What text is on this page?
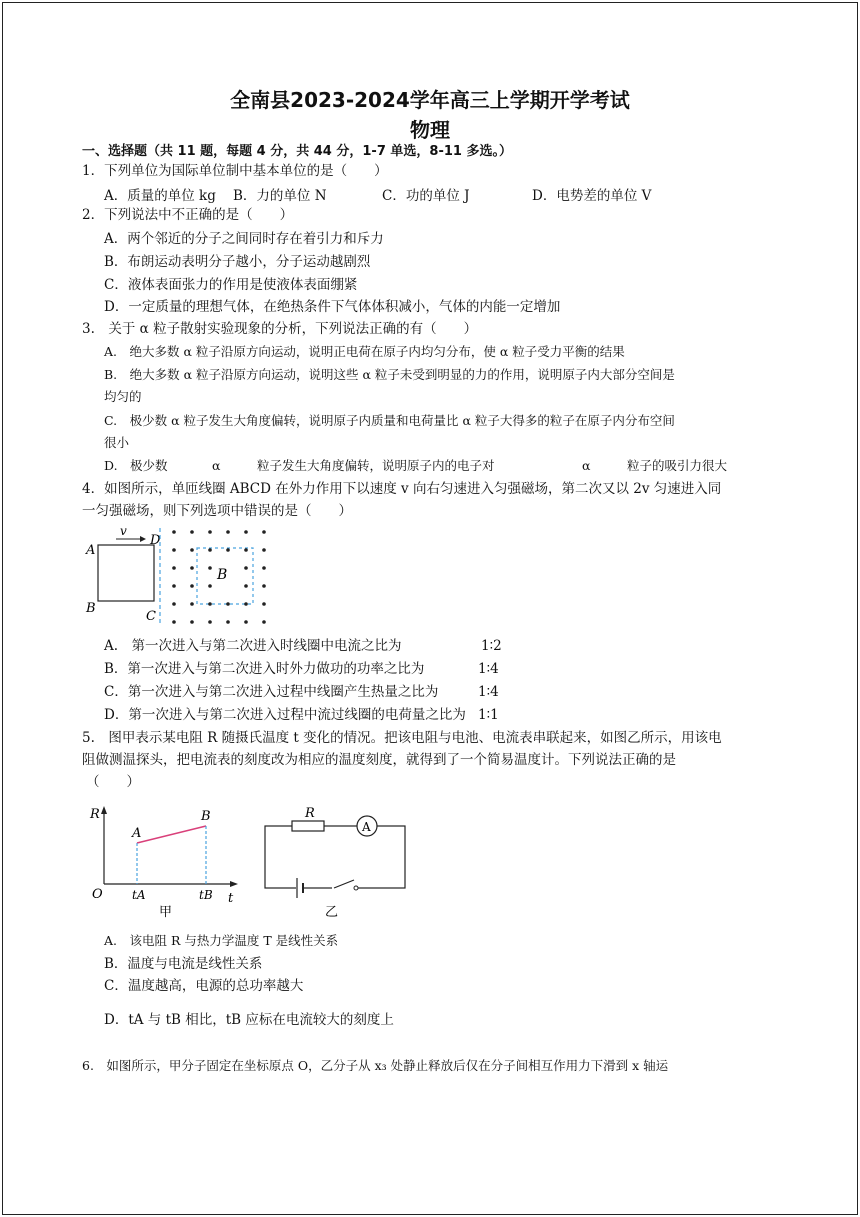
全南县2023-2024学年高三上学期开学考试
物理
一、选择题（共 11 题，每题 4 分，共 44 分，1-7 单选，8-11 多选。）
1．下列单位为国际单位制中基本单位的是（　　）
A．质量的单位 kg B．力的单位 N	C．功的单位 J	D．电势差的单位 V
2．下列说法中不正确的是（　　）
A．两个邻近的分子之间同时存在着引力和斥力
B．布朗运动表明分子越小，分子运动越剧烈
C．液体表面张力的作用是使液体表面绷紧
D．一定质量的理想气体，在绝热条件下气体体积减小，气体的内能一定增加
3.　关于 α 粒子散射实验现象的分析，下列说法正确的有（　　）
A.　绝大多数 α 粒子沿原方向运动，说明正电荷在原子内均匀分布，使 α 粒子受力平衡的结果
B.　绝大多数 α 粒子沿原方向运动，说明这些 α 粒子未受到明显的力的作用，说明原子内大部分空间是
均匀的
C.　极少数 α 粒子发生大角度偏转，说明原子内质量和电荷量比 α 粒子大得多的粒子在原子内分布空间
很小
D.　极少数	α	粒子发生大角度偏转，说明原子内的电子对	α	粒子的吸引力很大
4．如图所示，单匝线圈 ABCD 在外力作用下以速度 v 向右匀速进入匀强磁场，第二次又以 2v 匀速进入同
一匀强磁场，则下列选项中错误的是（　　）
A
B
C
D
v
B
A.　第一次进入与第二次进入时线圈中电流之比为	1∶2
B．第一次进入与第二次进入时外力做功的功率之比为	1∶4
C．第一次进入与第二次进入过程中线圈产生热量之比为	1∶4
D．第一次进入与第二次进入过程中流过线圈的电荷量之比为 1∶1
5.　图甲表示某电阻 R 随摄氏温度 t 变化的情况。把该电阻与电池、电流表串联起来，如图乙所示，用该电
阻做测温探头，把电流表的刻度改为相应的温度刻度，就得到了一个简易温度计。下列说法正确的是
（　　）
R
O	t
A
B
tA	tB
甲
R
A
乙
A.　该电阻 R 与热力学温度 T 是线性关系
B．温度与电流是线性关系
C．温度越高，电源的总功率越大
D．tA 与 tB 相比，tB 应标在电流较大的刻度上
6.　如图所示，甲分子固定在坐标原点 O，乙分子从 x₃ 处静止释放后仅在分子间相互作用力下滑到 x 轴运
